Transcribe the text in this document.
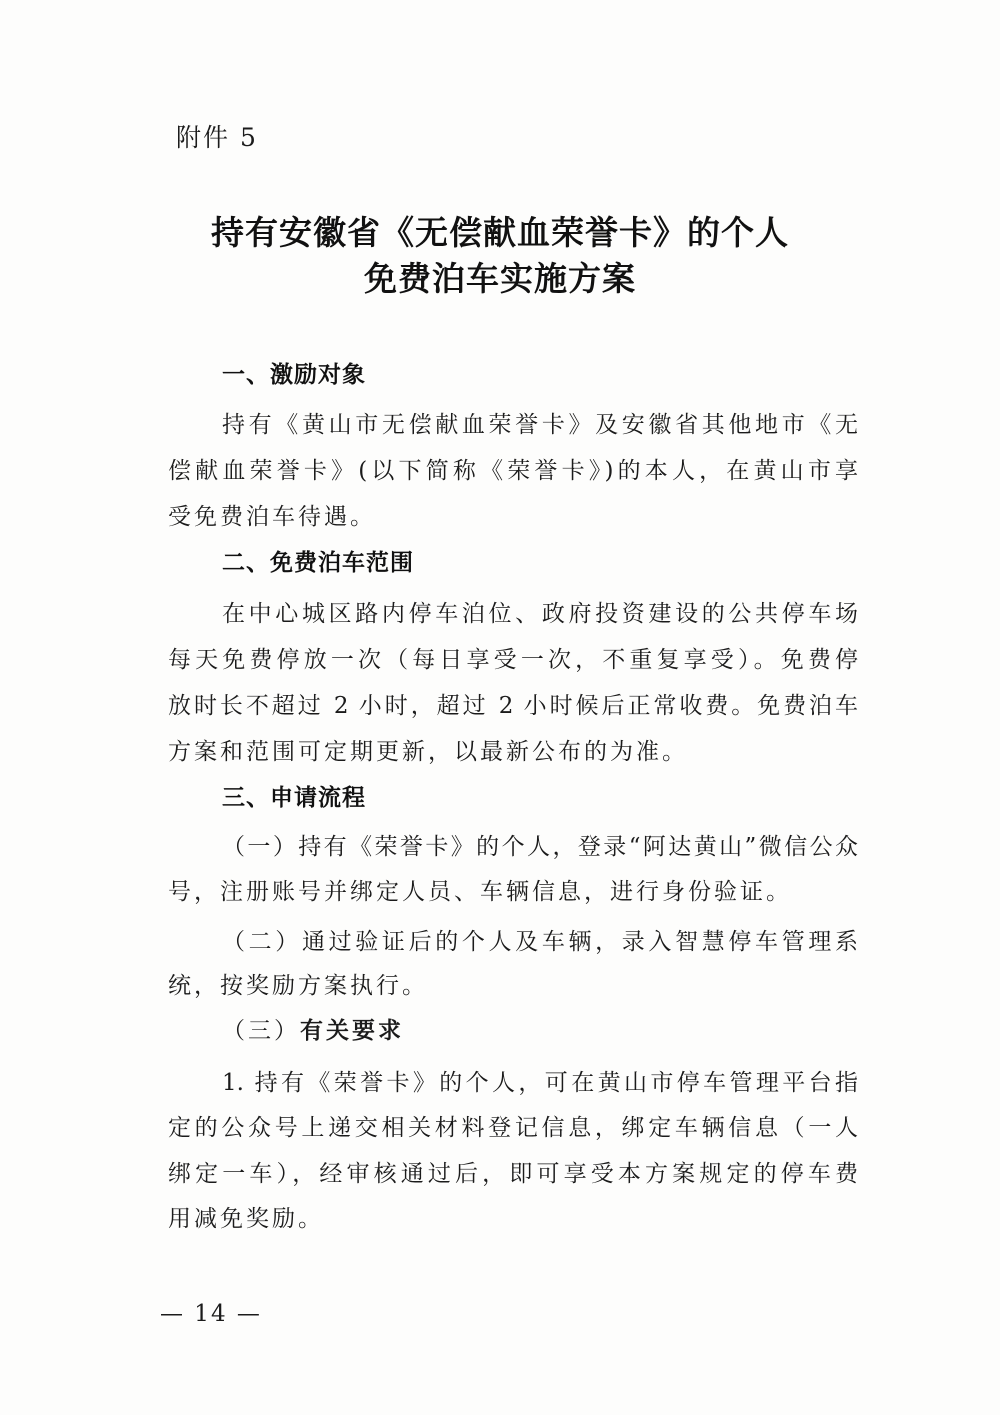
附件 5
持有安徽省《无偿献血荣誉卡》的个人
免费泊车实施方案
一、激励对象
持有《黄山市无偿献血荣誉卡》及安徽省其他地市《无
偿献血荣誉卡》(以下简称《荣誉卡》)的本人，在黄山市享
受免费泊车待遇。
二、免费泊车范围
在中心城区路内停车泊位、政府投资建设的公共停车场
每天免费停放一次（每日享受一次，不重复享受）。免费停
放时长不超过 2 小时，超过 2 小时候后正常收费。免费泊车
方案和范围可定期更新，以最新公布的为准。
三、申请流程
（一）持有《荣誉卡》的个人，登录“阿达黄山”微信公众
号，注册账号并绑定人员、车辆信息，进行身份验证。
（二）通过验证后的个人及车辆，录入智慧停车管理系
统，按奖励方案执行。
（三）有关要求
1. 持有《荣誉卡》的个人，可在黄山市停车管理平台指
定的公众号上递交相关材料登记信息，绑定车辆信息（一人
绑定一车），经审核通过后，即可享受本方案规定的停车费
用减免奖励。
— 14 —
